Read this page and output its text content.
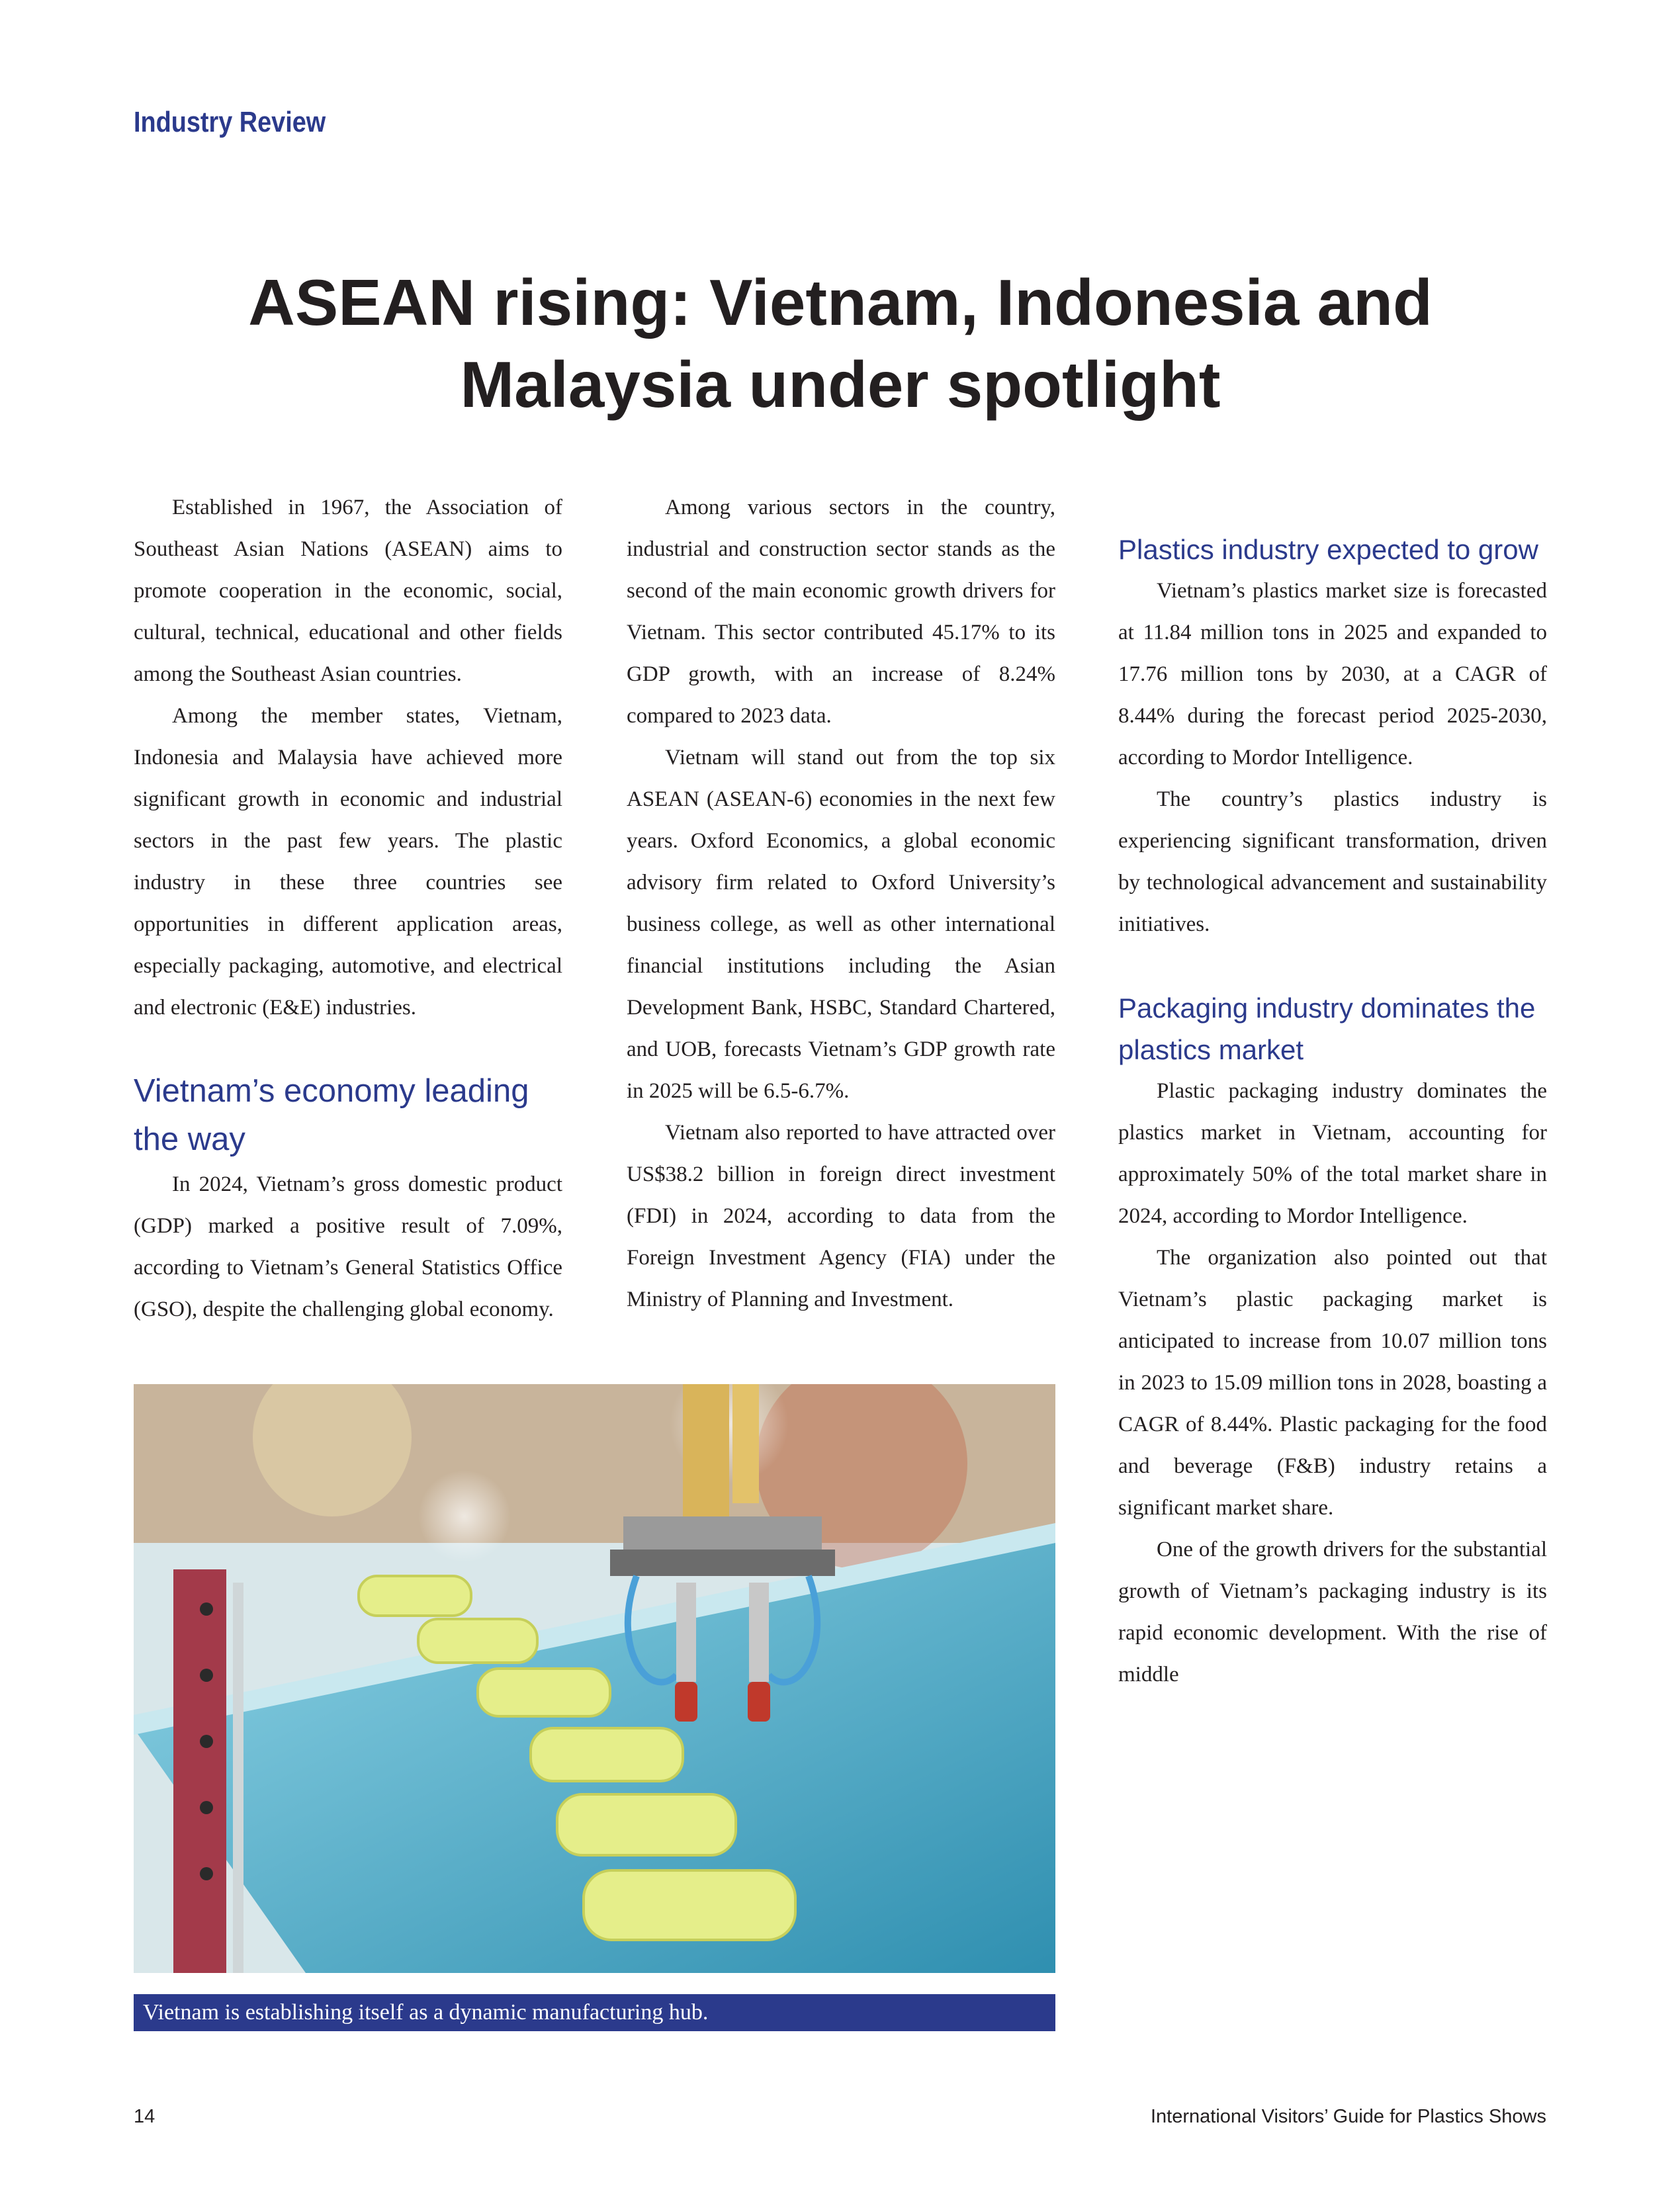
Industry Review
ASEAN rising: Vietnam, Indonesia and
Malaysia under spotlight

Established in 1967, the Association of Southeast Asian Nations (ASEAN) aims to promote cooperation in the economic, social, cultural, technical, educational and other fields among the Southeast Asian countries.

Among the member states, Vietnam, Indonesia and Malaysia have achieved more significant growth in economic and industrial sectors in the past few years. The plastic industry in these three countries see opportunities in different application areas, especially packaging, automotive, and electrical and electronic (E&E) industries.

Vietnam’s economy leading the way

In 2024, Vietnam’s gross domestic product (GDP) marked a positive result of 7.09%, according to Vietnam’s General Statistics Office (GSO), despite the challenging global economy.

Among various sectors in the country, industrial and construction sector stands as the second of the main economic growth drivers for Vietnam. This sector contributed 45.17% to its GDP growth, with an increase of 8.24% compared to 2023 data.

Vietnam will stand out from the top six ASEAN (ASEAN-6) economies in the next few years. Oxford Economics, a global economic advisory firm related to Oxford University’s business college, as well as other international financial institutions including the Asian Development Bank, HSBC, Standard Chartered, and UOB, forecasts Vietnam’s GDP growth rate in 2025 will be 6.5-6.7%.

Vietnam also reported to have attracted over US$38.2 billion in foreign direct investment (FDI) in 2024, according to data from the Foreign Investment Agency (FIA) under the Ministry of Planning and Investment.

Plastics industry expected to grow

Vietnam’s plastics market size is forecasted at 11.84 million tons in 2025 and expanded to 17.76 million tons by 2030, at a CAGR of 8.44% during the forecast period 2025-2030, according to Mordor Intelligence.

The country’s plastics industry is experiencing significant transformation, driven by technological advancement and sustainability initiatives.

Packaging industry dominates the plastics market

Plastic packaging industry dominates the plastics market in Vietnam, accounting for approximately 50% of the total market share in 2024, according to Mordor Intelligence.

The organization also pointed out that Vietnam’s plastic packaging market is anticipated to increase from 10.07 million tons in 2023 to 15.09 million tons in 2028, boasting a CAGR of 8.44%. Plastic packaging for the food and beverage (F&B) industry retains a significant market share.

One of the growth drivers for the substantial growth of Vietnam’s packaging industry is its rapid economic development. With the rise of middle

Vietnam is establishing itself as a dynamic manufacturing hub.
14	International Visitors’ Guide for Plastics Shows
